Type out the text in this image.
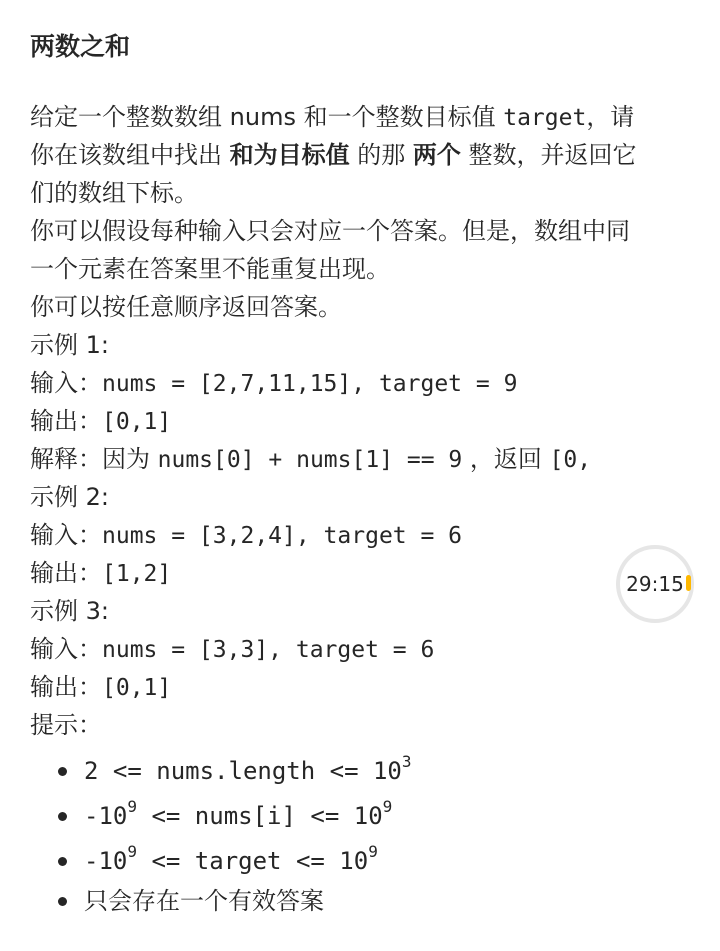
两数之和
给定一个整数数组 nums 和一个整数目标值 target，请
你在该数组中找出 和为目标值 的那 两个 整数，并返回它
们的数组下标。
你可以假设每种输入只会对应一个答案。但是，数组中同
一个元素在答案里不能重复出现。
你可以按任意顺序返回答案。
示例 1:
输入：nums = [2,7,11,15], target = 9
输出：[0,1]
解释：因为 nums[0] + nums[1] == 9 ，返回 [0,
示例 2:
输入：nums = [3,2,4], target = 6
输出：[1,2]
示例 3:
输入：nums = [3,3], target = 6
输出：[0,1]
提示：
2 <= nums.length <= $10^3$
$-10^9$ <= nums[i] <= $10^9$
$-10^9$ <= target <= $10^9$
只会存在一个有效答案
29:15
